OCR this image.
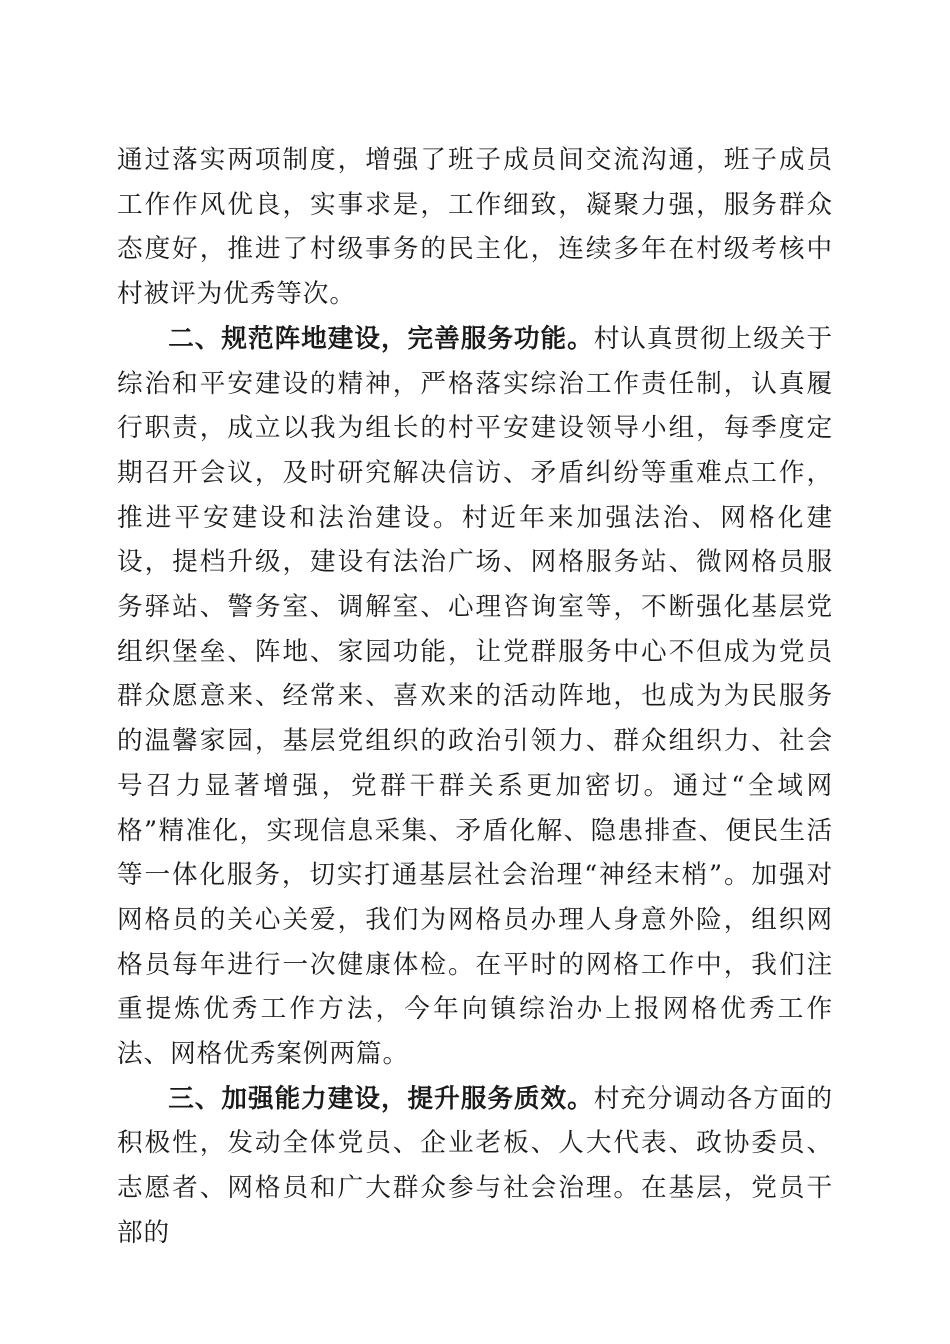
通过落实两项制度，增强了班子成员间交流沟通，班子成员工作作风优良，实事求是，工作细致，凝聚力强，服务群众态度好，推进了村级事务的民主化，连续多年在村级考核中村被评为优秀等次。

二、规范阵地建设，完善服务功能。村认真贯彻上级关于综治和平安建设的精神，严格落实综治工作责任制，认真履行职责，成立以我为组长的村平安建设领导小组，每季度定期召开会议，及时研究解决信访、矛盾纠纷等重难点工作，推进平安建设和法治建设。村近年来加强法治、网格化建设，提档升级，建设有法治广场、网格服务站、微网格员服务驿站、警务室、调解室、心理咨询室等，不断强化基层党组织堡垒、阵地、家园功能，让党群服务中心不但成为党员群众愿意来、经常来、喜欢来的活动阵地，也成为为民服务的温馨家园，基层党组织的政治引领力、群众组织力、社会号召力显著增强，党群干群关系更加密切。通过“全域网格”精准化，实现信息采集、矛盾化解、隐患排查、便民生活等一体化服务，切实打通基层社会治理“神经末梢”。加强对网格员的关心关爱，我们为网格员办理人身意外险，组织网格员每年进行一次健康体检。在平时的网格工作中，我们注重提炼优秀工作方法，今年向镇综治办上报网格优秀工作法、网格优秀案例两篇。

三、加强能力建设，提升服务质效。村充分调动各方面的积极性，发动全体党员、企业老板、人大代表、政协委员、志愿者、网格员和广大群众参与社会治理。在基层，党员干部的
